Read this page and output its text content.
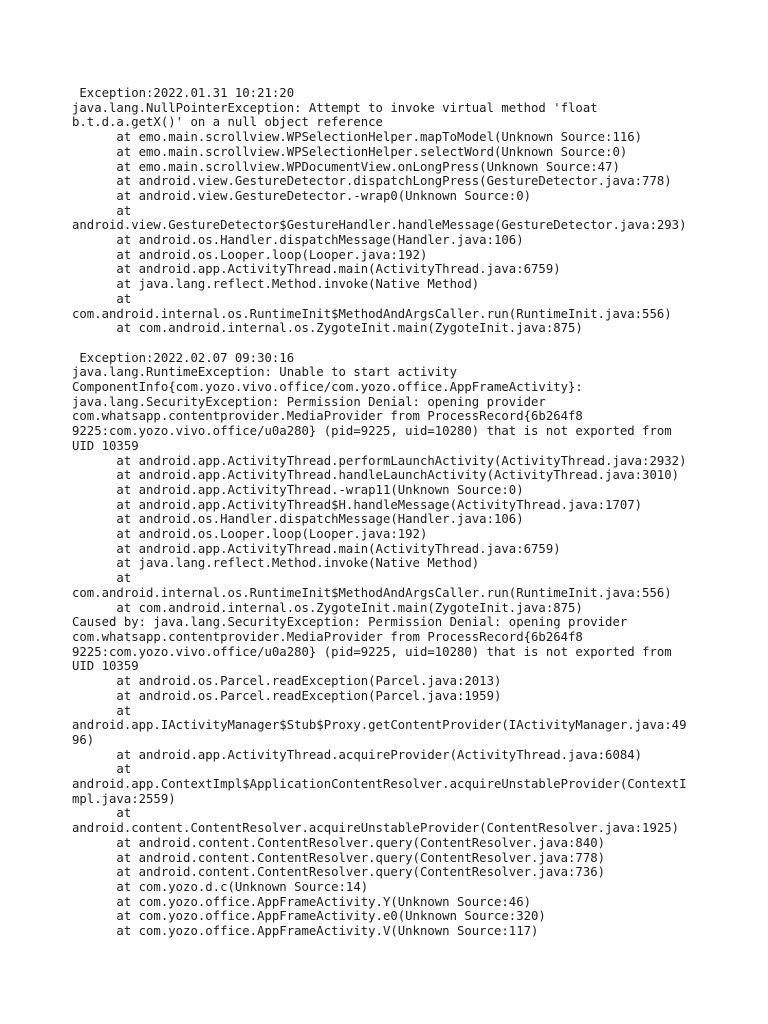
Exception:2022.01.31 10:21:20
java.lang.NullPointerException: Attempt to invoke virtual method 'float
b.t.d.a.getX()' on a null object reference
at emo.main.scrollview.WPSelectionHelper.mapToModel(Unknown Source:116)
at emo.main.scrollview.WPSelectionHelper.selectWord(Unknown Source:0)
at emo.main.scrollview.WPDocumentView.onLongPress(Unknown Source:47)
at android.view.GestureDetector.dispatchLongPress(GestureDetector.java:778)
at android.view.GestureDetector.-wrap0(Unknown Source:0)
at
android.view.GestureDetector$GestureHandler.handleMessage(GestureDetector.java:293)
at android.os.Handler.dispatchMessage(Handler.java:106)
at android.os.Looper.loop(Looper.java:192)
at android.app.ActivityThread.main(ActivityThread.java:6759)
at java.lang.reflect.Method.invoke(Native Method)
at
com.android.internal.os.RuntimeInit$MethodAndArgsCaller.run(RuntimeInit.java:556)
at com.android.internal.os.ZygoteInit.main(ZygoteInit.java:875)
Exception:2022.02.07 09:30:16
java.lang.RuntimeException: Unable to start activity
ComponentInfo{com.yozo.vivo.office/com.yozo.office.AppFrameActivity}:
java.lang.SecurityException: Permission Denial: opening provider
com.whatsapp.contentprovider.MediaProvider from ProcessRecord{6b264f8
9225:com.yozo.vivo.office/u0a280} (pid=9225, uid=10280) that is not exported from
UID 10359
at android.app.ActivityThread.performLaunchActivity(ActivityThread.java:2932)
at android.app.ActivityThread.handleLaunchActivity(ActivityThread.java:3010)
at android.app.ActivityThread.-wrap11(Unknown Source:0)
at android.app.ActivityThread$H.handleMessage(ActivityThread.java:1707)
at android.os.Handler.dispatchMessage(Handler.java:106)
at android.os.Looper.loop(Looper.java:192)
at android.app.ActivityThread.main(ActivityThread.java:6759)
at java.lang.reflect.Method.invoke(Native Method)
at
com.android.internal.os.RuntimeInit$MethodAndArgsCaller.run(RuntimeInit.java:556)
at com.android.internal.os.ZygoteInit.main(ZygoteInit.java:875)
Caused by: java.lang.SecurityException: Permission Denial: opening provider
com.whatsapp.contentprovider.MediaProvider from ProcessRecord{6b264f8
9225:com.yozo.vivo.office/u0a280} (pid=9225, uid=10280) that is not exported from
UID 10359
at android.os.Parcel.readException(Parcel.java:2013)
at android.os.Parcel.readException(Parcel.java:1959)
at
android.app.IActivityManager$Stub$Proxy.getContentProvider(IActivityManager.java:49
96)
at android.app.ActivityThread.acquireProvider(ActivityThread.java:6084)
at
android.app.ContextImpl$ApplicationContentResolver.acquireUnstableProvider(ContextI
mpl.java:2559)
at
android.content.ContentResolver.acquireUnstableProvider(ContentResolver.java:1925)
at android.content.ContentResolver.query(ContentResolver.java:840)
at android.content.ContentResolver.query(ContentResolver.java:778)
at android.content.ContentResolver.query(ContentResolver.java:736)
at com.yozo.d.c(Unknown Source:14)
at com.yozo.office.AppFrameActivity.Y(Unknown Source:46)
at com.yozo.office.AppFrameActivity.e0(Unknown Source:320)
at com.yozo.office.AppFrameActivity.V(Unknown Source:117)
